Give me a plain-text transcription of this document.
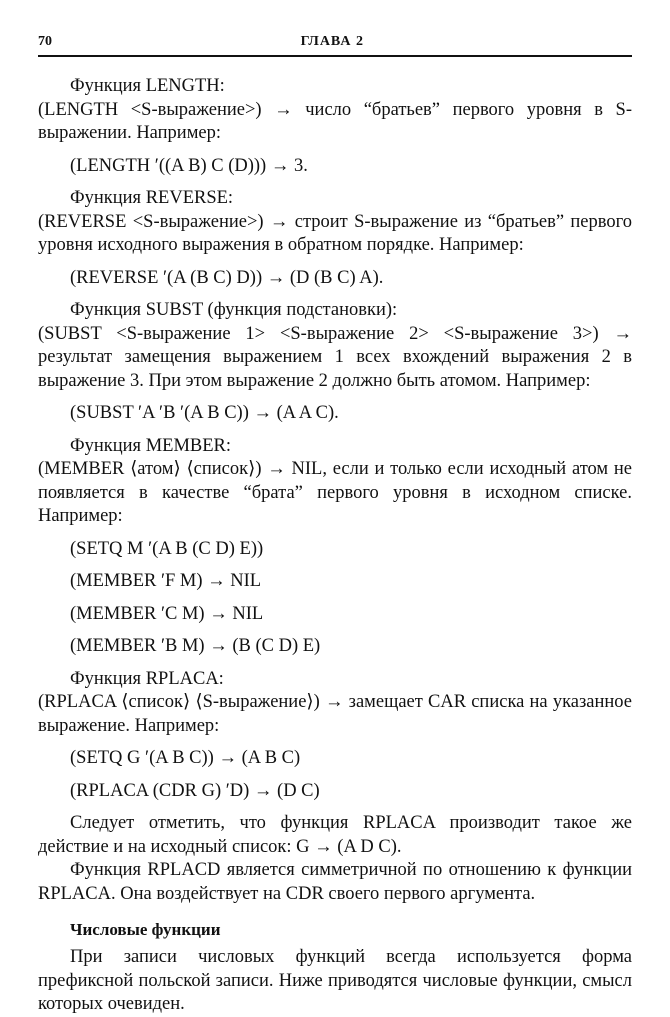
70	ГЛАВА 2

Функция LENGTH:

(LENGTH <S-выражение>) → число “братьев” первого уровня в S-выражении. Например:

(LENGTH ′((A B) C (D))) → 3.

Функция REVERSE:

(REVERSE <S-выражение>) → строит S-выражение из “братьев” первого уровня исходного выражения в обратном порядке. Например:

(REVERSE ′(A (B C) D)) → (D (B C) A).

Функция SUBST (функция подстановки):

(SUBST <S-выражение 1> <S-выражение 2> <S-выражение 3>) → результат замещения выражением 1 всех вхождений выражения 2 в выражение 3. При этом выражение 2 должно быть атомом. Например:

(SUBST ′A ′B ′(A B C)) → (A A C).

Функция MEMBER:

(MEMBER ⟨атом⟩ ⟨список⟩) → NIL, если и только если исходный атом не появляется в качестве “брата” первого уровня в исходном списке. Например:

(SETQ M ′(A B (C D) E))
(MEMBER ′F M) → NIL
(MEMBER ′C M) → NIL
(MEMBER ′B M) → (B (C D) E)

Функция RPLACA:

(RPLACA ⟨список⟩ ⟨S-выражение⟩) → замещает CAR списка на указанное выражение. Например:

(SETQ G ′(A B C)) → (A B C)
(RPLACA (CDR G) ′D) → (D C)

Следует отметить, что функция RPLACA производит такое же действие и на исходный список: G → (A D C).

Функция RPLACD является симметричной по отношению к функции RPLACA. Она воздействует на CDR своего первого аргумента.

Числовые функции

При записи числовых функций всегда используется форма префиксной польской записи. Ниже приводятся числовые функции, смысл которых очевиден.
